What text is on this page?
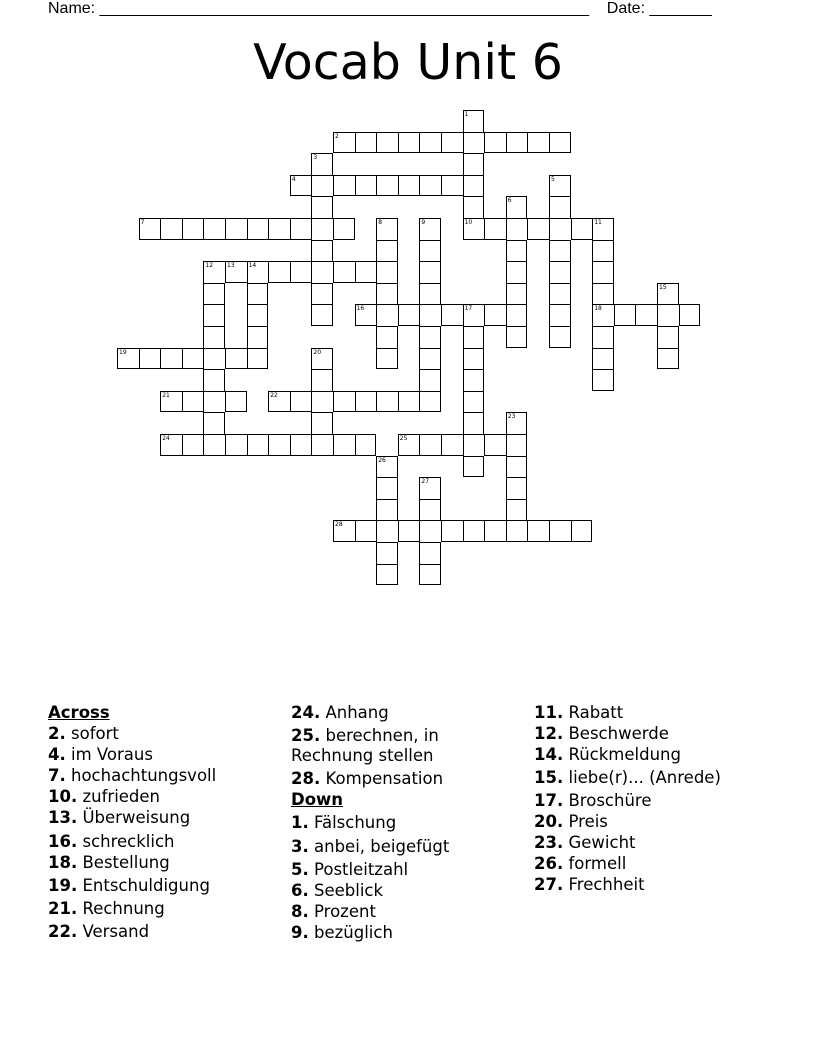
Name: _______________________________________________________ Date: _______
Vocab Unit 6
1
2
3
4	5
6
7	8	9	10	11
18
12 13 14
15
16	17
19	20
21	22
23
24	25
26
27
28
Across
2. sofort
4. im Voraus
7. hochachtungsvoll
10. zufrieden
13. Überweisung
16. schrecklich
18. Bestellung
19. Entschuldigung
21. Rechnung
22. Versand
24. Anhang
25. berechnen, in Rechnung stellen
28. Kompensation
Down
1. Fälschung
3. anbei, beigefügt
5. Postleitzahl
6. Seeblick
8. Prozent
9. bezüglich
11. Rabatt
12. Beschwerde
14. Rückmeldung
15. liebe(r)... (Anrede)
17. Broschüre
20. Preis
23. Gewicht
26. formell
27. Frechheit
